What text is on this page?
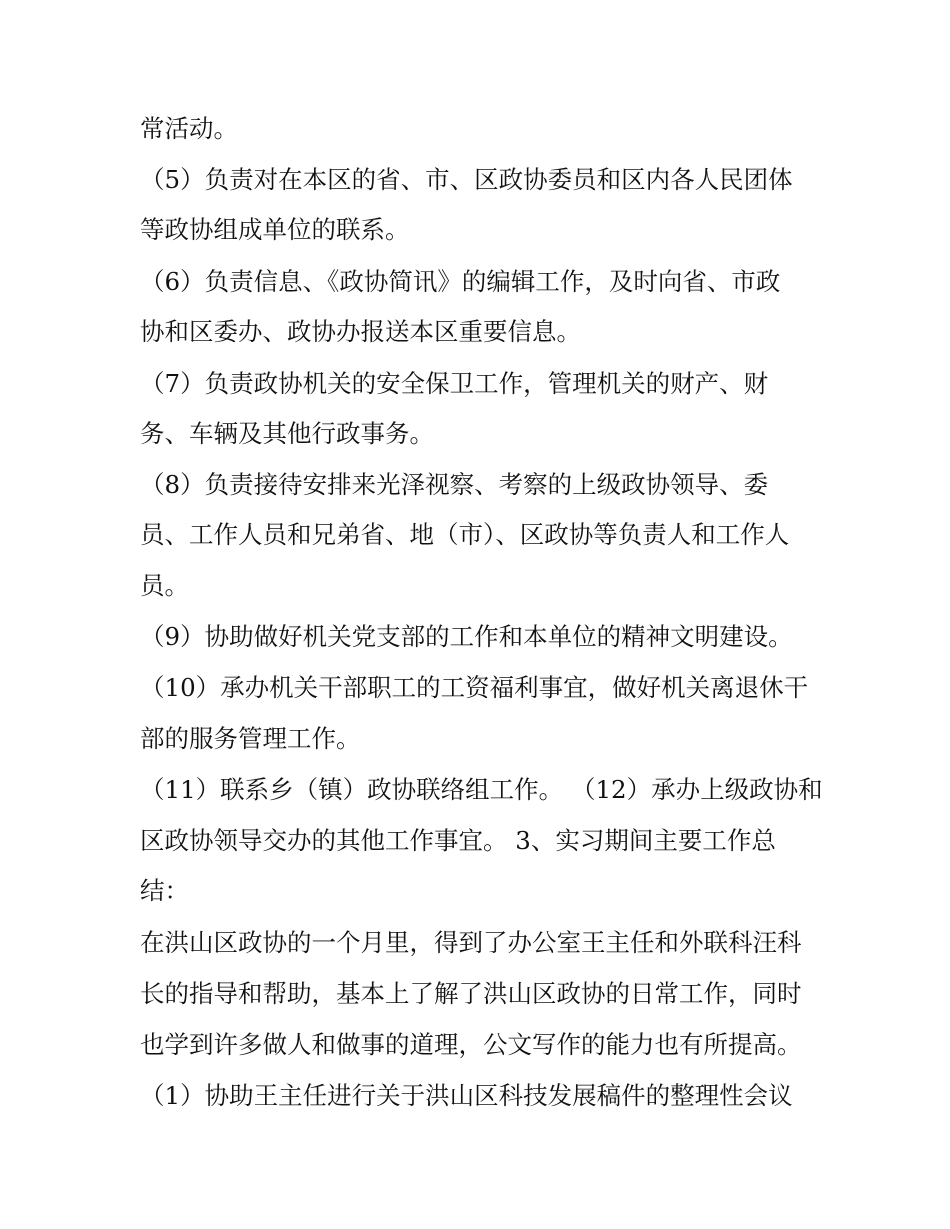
常活动。
（5）负责对在本区的省、市、区政协委员和区内各人民团体
等政协组成单位的联系。
（6）负责信息、《政协简讯》的编辑工作，及时向省、市政
协和区委办、政协办报送本区重要信息。
（7）负责政协机关的安全保卫工作，管理机关的财产、财
务、车辆及其他行政事务。
（8）负责接待安排来光泽视察、考察的上级政协领导、委
员、工作人员和兄弟省、地（市）、区政协等负责人和工作人
员。
（9）协助做好机关党支部的工作和本单位的精神文明建设。
（10）承办机关干部职工的工资福利事宜，做好机关离退休干
部的服务管理工作。
（11）联系乡（镇）政协联络组工作。 （12）承办上级政协和
区政协领导交办的其他工作事宜。 3、实习期间主要工作总
结：
在洪山区政协的一个月里，得到了办公室王主任和外联科汪科
长的指导和帮助，基本上了解了洪山区政协的日常工作，同时
也学到许多做人和做事的道理，公文写作的能力也有所提高。
（1）协助王主任进行关于洪山区科技发展稿件的整理性会议
